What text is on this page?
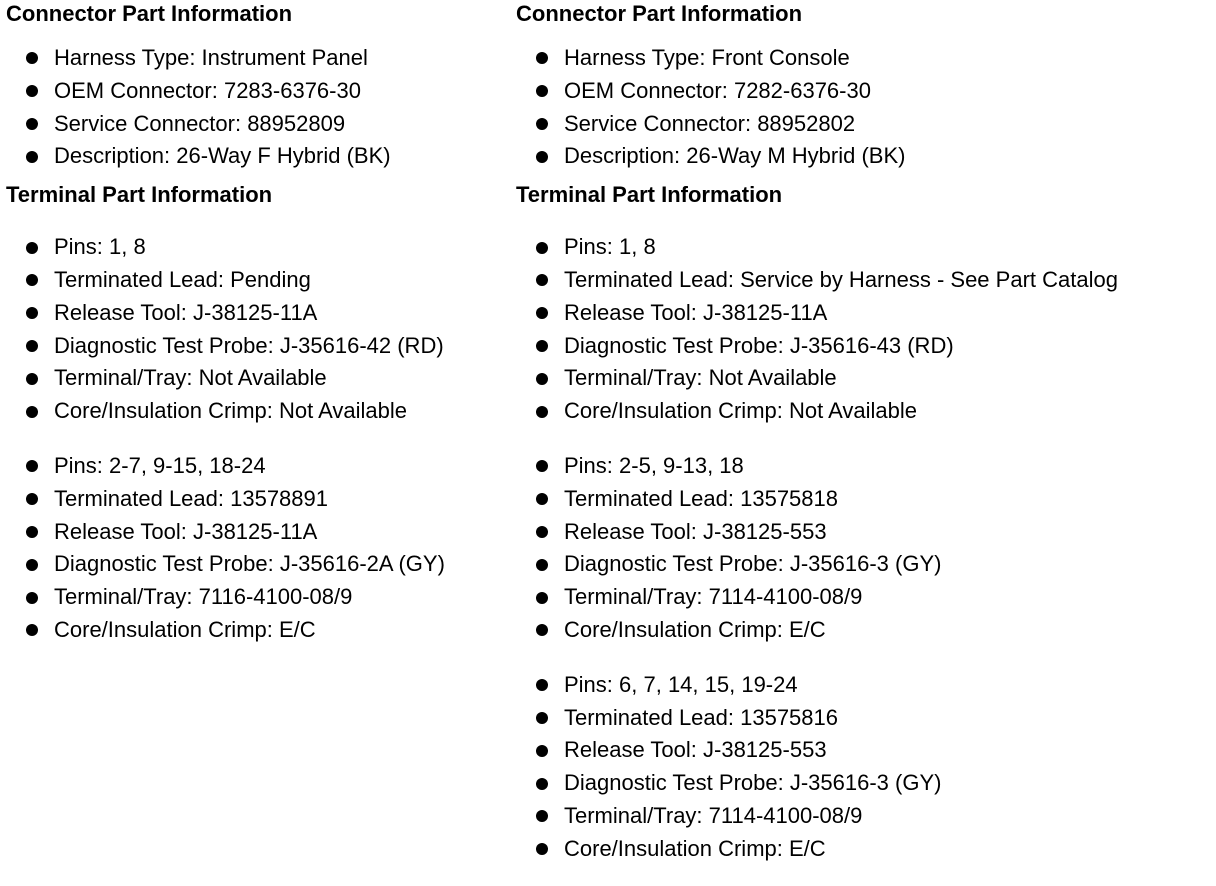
Connector Part Information
Harness Type: Instrument Panel
OEM Connector: 7283-6376-30
Service Connector: 88952809
Description: 26-Way F Hybrid (BK)
Terminal Part Information
Pins: 1, 8
Terminated Lead: Pending
Release Tool: J-38125-11A
Diagnostic Test Probe: J-35616-42 (RD)
Terminal/Tray: Not Available
Core/Insulation Crimp: Not Available
Pins: 2-7, 9-15, 18-24
Terminated Lead: 13578891
Release Tool: J-38125-11A
Diagnostic Test Probe: J-35616-2A (GY)
Terminal/Tray: 7116-4100-08/9
Core/Insulation Crimp: E/C
Connector Part Information
Harness Type: Front Console
OEM Connector: 7282-6376-30
Service Connector: 88952802
Description: 26-Way M Hybrid (BK)
Terminal Part Information
Pins: 1, 8
Terminated Lead: Service by Harness - See Part Catalog
Release Tool: J-38125-11A
Diagnostic Test Probe: J-35616-43 (RD)
Terminal/Tray: Not Available
Core/Insulation Crimp: Not Available
Pins: 2-5, 9-13, 18
Terminated Lead: 13575818
Release Tool: J-38125-553
Diagnostic Test Probe: J-35616-3 (GY)
Terminal/Tray: 7114-4100-08/9
Core/Insulation Crimp: E/C
Pins: 6, 7, 14, 15, 19-24
Terminated Lead: 13575816
Release Tool: J-38125-553
Diagnostic Test Probe: J-35616-3 (GY)
Terminal/Tray: 7114-4100-08/9
Core/Insulation Crimp: E/C
